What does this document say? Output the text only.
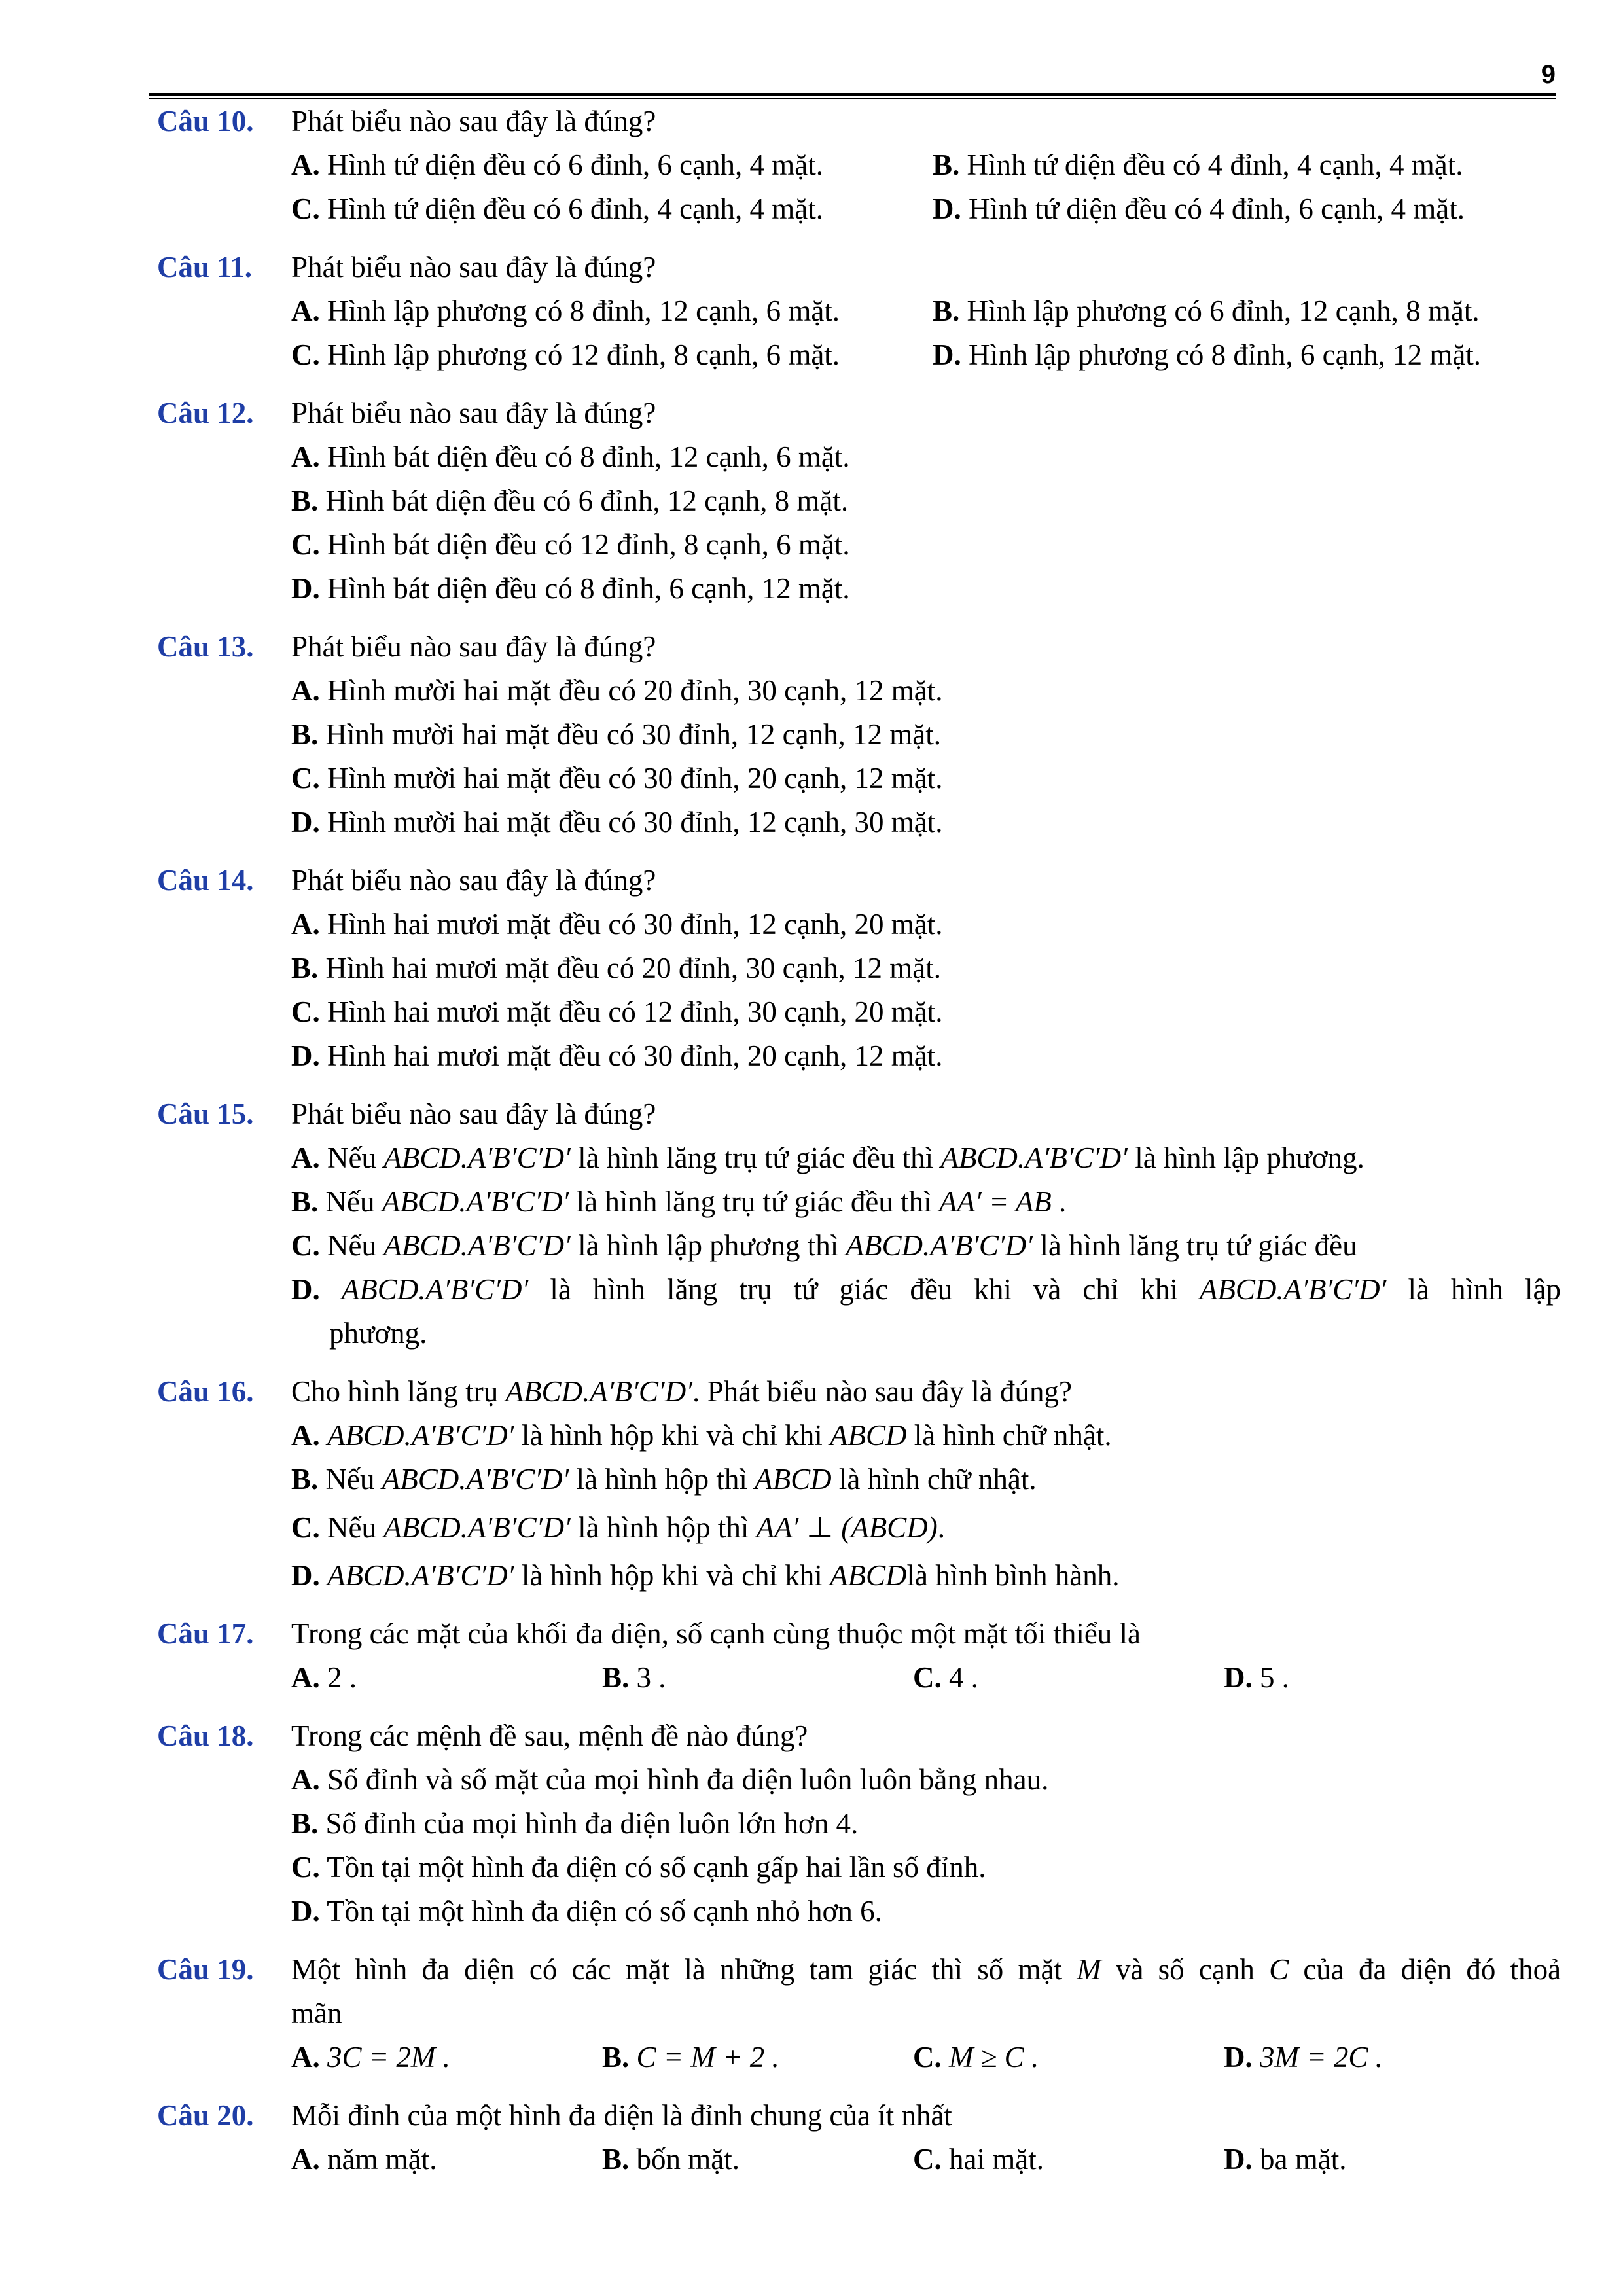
9
Câu 10.	Phát biểu nào sau đây là đúng?
A. Hình tứ diện đều có 6 đỉnh, 6 cạnh, 4 mặt.	B. Hình tứ diện đều có 4 đỉnh, 4 cạnh, 4 mặt.
C. Hình tứ diện đều có 6 đỉnh, 4 cạnh, 4 mặt.	D. Hình tứ diện đều có 4 đỉnh, 6 cạnh, 4 mặt.
Câu 11.	Phát biểu nào sau đây là đúng?
A. Hình lập phương có 8 đỉnh, 12 cạnh, 6 mặt.	B. Hình lập phương có 6 đỉnh, 12 cạnh, 8 mặt.
C. Hình lập phương có 12 đỉnh, 8 cạnh, 6 mặt.	D. Hình lập phương có 8 đỉnh, 6 cạnh, 12 mặt.
Câu 12.	Phát biểu nào sau đây là đúng?
A. Hình bát diện đều có 8 đỉnh, 12 cạnh, 6 mặt.
B. Hình bát diện đều có 6 đỉnh, 12 cạnh, 8 mặt.
C. Hình bát diện đều có 12 đỉnh, 8 cạnh, 6 mặt.
D. Hình bát diện đều có 8 đỉnh, 6 cạnh, 12 mặt.
Câu 13.	Phát biểu nào sau đây là đúng?
A. Hình mười hai mặt đều có 20 đỉnh, 30 cạnh, 12 mặt.
B. Hình mười hai mặt đều có 30 đỉnh, 12 cạnh, 12 mặt.
C. Hình mười hai mặt đều có 30 đỉnh, 20 cạnh, 12 mặt.
D. Hình mười hai mặt đều có 30 đỉnh, 12 cạnh, 30 mặt.
Câu 14.	Phát biểu nào sau đây là đúng?
A. Hình hai mươi mặt đều có 30 đỉnh, 12 cạnh, 20 mặt.
B. Hình hai mươi mặt đều có 20 đỉnh, 30 cạnh, 12 mặt.
C. Hình hai mươi mặt đều có 12 đỉnh, 30 cạnh, 20 mặt.
D. Hình hai mươi mặt đều có 30 đỉnh, 20 cạnh, 12 mặt.
Câu 15.	Phát biểu nào sau đây là đúng?
A. Nếu ABCD.A′B′C′D′ là hình lăng trụ tứ giác đều thì ABCD.A′B′C′D′ là hình lập phương.
B. Nếu ABCD.A′B′C′D′ là hình lăng trụ tứ giác đều thì AA′ = AB .
C. Nếu ABCD.A′B′C′D′ là hình lập phương thì ABCD.A′B′C′D′ là hình lăng trụ tứ giác đều
D. ABCD.A′B′C′D′ là hình lăng trụ tứ giác đều khi và chỉ khi ABCD.A′B′C′D′ là hình lập
phương.
Câu 16.	Cho hình lăng trụ ABCD.A′B′C′D′. Phát biểu nào sau đây là đúng?
A. ABCD.A′B′C′D′ là hình hộp khi và chỉ khi ABCD là hình chữ nhật.
B. Nếu ABCD.A′B′C′D′ là hình hộp thì ABCD là hình chữ nhật.
C. Nếu ABCD.A′B′C′D′ là hình hộp thì AA′ ⊥ (ABCD).
D. ABCD.A′B′C′D′ là hình hộp khi và chỉ khi ABCDlà hình bình hành.
Câu 17.	Trong các mặt của khối đa diện, số cạnh cùng thuộc một mặt tối thiểu là
A. 2 .	B. 3 .	C. 4 .	D. 5 .
Câu 18.	Trong các mệnh đề sau, mệnh đề nào đúng?
A. Số đỉnh và số mặt của mọi hình đa diện luôn luôn bằng nhau.
B. Số đỉnh của mọi hình đa diện luôn lớn hơn 4.
C. Tồn tại một hình đa diện có số cạnh gấp hai lần số đỉnh.
D. Tồn tại một hình đa diện có số cạnh nhỏ hơn 6.
Câu 19.	Một hình đa diện có các mặt là những tam giác thì số mặt M và số cạnh C của đa diện đó thoả
mãn
A. 3C = 2M .	B. C = M + 2 .	C. M ≥ C .	D. 3M = 2C .
Câu 20.	Mỗi đỉnh của một hình đa diện là đỉnh chung của ít nhất
A. năm mặt.	B. bốn mặt.	C. hai mặt.	D. ba mặt.
